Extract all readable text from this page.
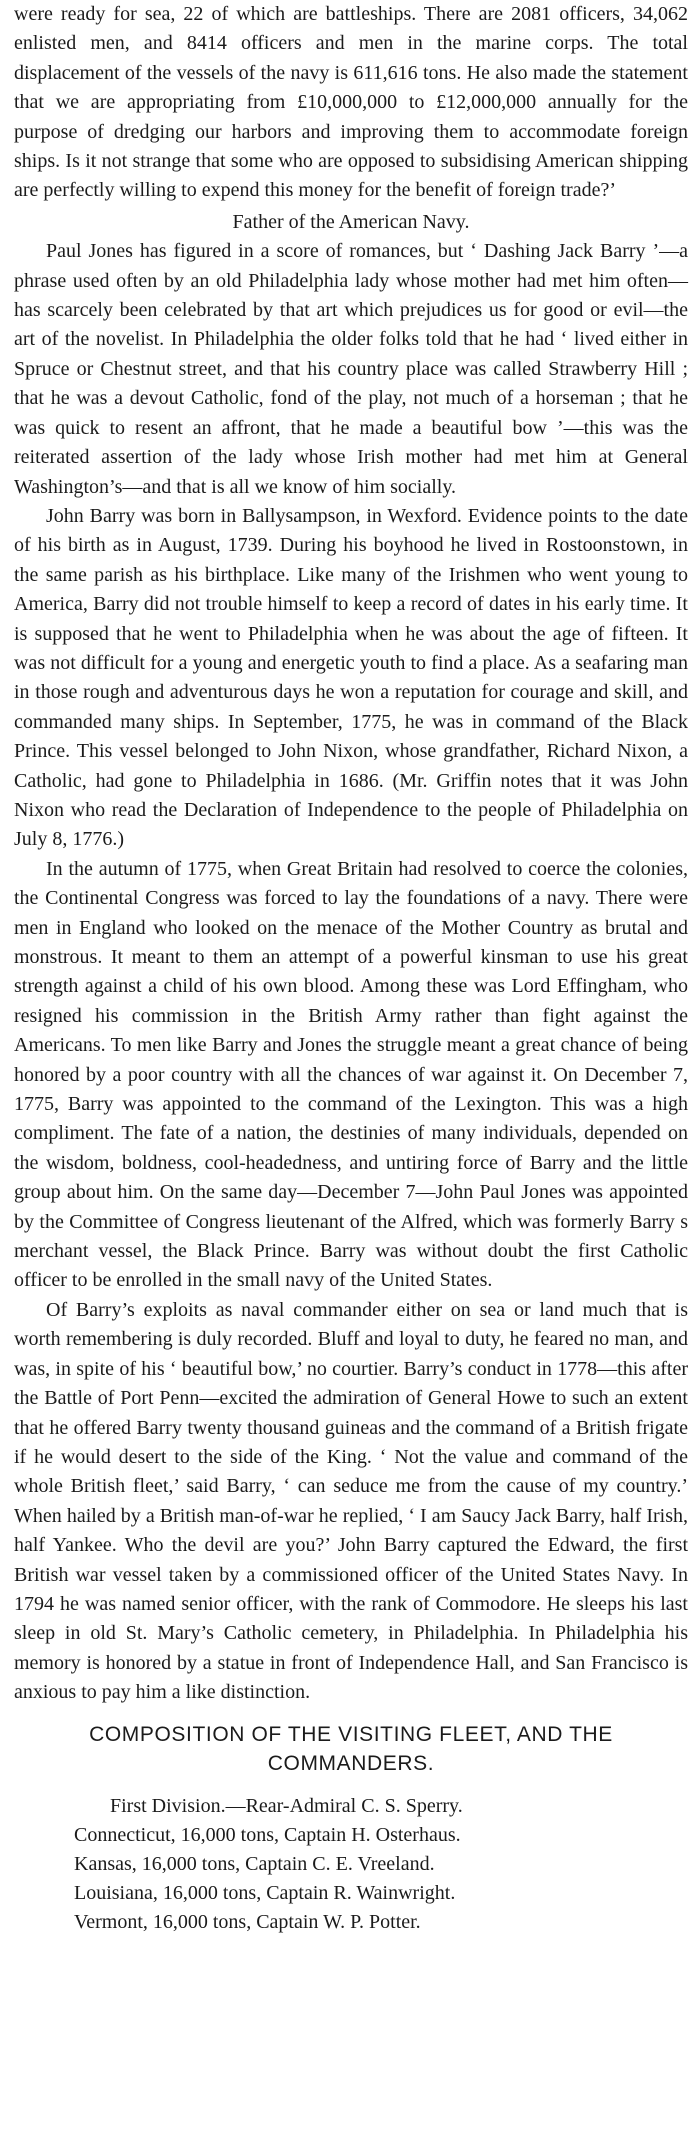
were ready for sea, 22 of which are battleships. There are 2081 officers, 34,062 enlisted men, and 8414 officers and men in the marine corps. The total displacement of the vessels of the navy is 611,616 tons. He also made the statement that we are appropriating from £10,000,000 to £12,000,000 annually for the purpose of dredging our harbors and improving them to accommodate foreign ships. Is it not strange that some who are opposed to subsidising American shipping are perfectly willing to expend this money for the benefit of foreign trade?’

Father of the American Navy.

Paul Jones has figured in a score of romances, but ‘ Dashing Jack Barry ’—a phrase used often by an old Philadelphia lady whose mother had met him often—has scarcely been celebrated by that art which prejudices us for good or evil—the art of the novelist. In Philadelphia the older folks told that he had ‘ lived either in Spruce or Chestnut street, and that his country place was called Strawberry Hill ; that he was a devout Catholic, fond of the play, not much of a horseman ; that he was quick to resent an affront, that he made a beautiful bow ’—this was the reiterated assertion of the lady whose Irish mother had met him at General Washington’s—and that is all we know of him socially.

John Barry was born in Ballysampson, in Wexford. Evidence points to the date of his birth as in August, 1739. During his boyhood he lived in Rostoonstown, in the same parish as his birthplace. Like many of the Irishmen who went young to America, Barry did not trouble himself to keep a record of dates in his early time. It is supposed that he went to Philadelphia when he was about the age of fifteen. It was not difficult for a young and energetic youth to find a place. As a seafaring man in those rough and adventurous days he won a reputation for courage and skill, and commanded many ships. In September, 1775, he was in command of the Black Prince. This vessel belonged to John Nixon, whose grandfather, Richard Nixon, a Catholic, had gone to Philadelphia in 1686. (Mr. Griffin notes that it was John Nixon who read the Declaration of Independence to the people of Philadelphia on July 8, 1776.)

In the autumn of 1775, when Great Britain had resolved to coerce the colonies, the Continental Congress was forced to lay the foundations of a navy. There were men in England who looked on the menace of the Mother Country as brutal and monstrous. It meant to them an attempt of a powerful kinsman to use his great strength against a child of his own blood. Among these was Lord Effingham, who resigned his commission in the British Army rather than fight against the Americans. To men like Barry and Jones the struggle meant a great chance of being honored by a poor country with all the chances of war against it. On December 7, 1775, Barry was appointed to the command of the Lexington. This was a high compliment. The fate of a nation, the destinies of many individuals, depended on the wisdom, boldness, cool-headedness, and untiring force of Barry and the little group about him. On the same day—December 7—John Paul Jones was appointed by the Committee of Congress lieutenant of the Alfred, which was formerly Barry s merchant vessel, the Black Prince. Barry was without doubt the first Catholic officer to be enrolled in the small navy of the United States.

Of Barry’s exploits as naval commander either on sea or land much that is worth remembering is duly recorded. Bluff and loyal to duty, he feared no man, and was, in spite of his ‘ beautiful bow,’ no courtier. Barry’s conduct in 1778—this after the Battle of Port Penn—excited the admiration of General Howe to such an extent that he offered Barry twenty thousand guineas and the command of a British frigate if he would desert to the side of the King. ‘ Not the value and command of the whole British fleet,’ said Barry, ‘ can seduce me from the cause of my country.’ When hailed by a British man-of-war he replied, ‘ I am Saucy Jack Barry, half Irish, half Yankee. Who the devil are you?’ John Barry captured the Edward, the first British war vessel taken by a commissioned officer of the United States Navy. In 1794 he was named senior officer, with the rank of Commodore. He sleeps his last sleep in old St. Mary’s Catholic cemetery, in Philadelphia. In Philadelphia his memory is honored by a statue in front of Independence Hall, and San Francisco is anxious to pay him a like distinction.

COMPOSITION OF THE VISITING FLEET, AND THE COMMANDERS.

First Division.—Rear-Admiral C. S. Sperry.

Connecticut, 16,000 tons, Captain H. Osterhaus.
Kansas, 16,000 tons, Captain C. E. Vreeland.
Louisiana, 16,000 tons, Captain R. Wainwright.
Vermont, 16,000 tons, Captain W. P. Potter.
